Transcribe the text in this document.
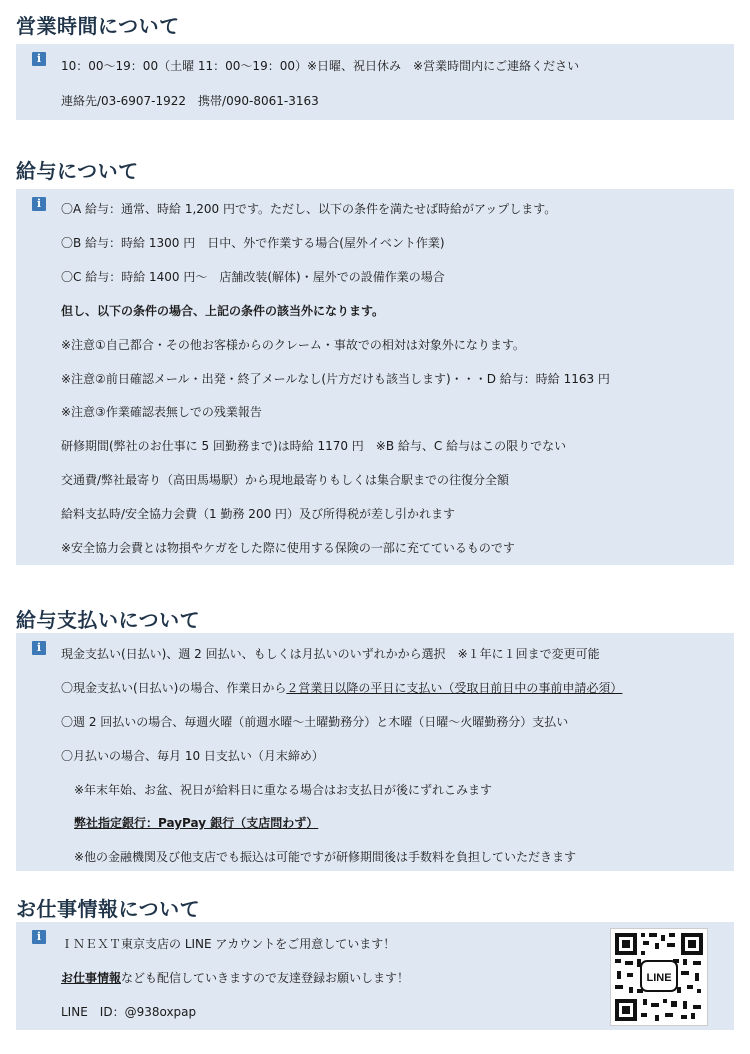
営業時間について
i
10：00～19：00（土曜 11：00～19：00）※日曜、祝日休み　※営業時間内にご連絡ください
連絡先/03-6907-1922　携帯/090-8061-3163
給与について
i	〇A 給与：通常、時給 1,200 円です。ただし、以下の条件を満たせば時給がアップします。
〇B 給与：時給 1300 円　日中、外で作業する場合(屋外イベント作業)
〇C 給与：時給 1400 円～　店舗改装(解体)・屋外での設備作業の場合
但し、以下の条件の場合、上記の条件の該当外になります。
※注意①自己都合・その他お客様からのクレーム・事故での相対は対象外になります。
※注意②前日確認メール・出発・終了メールなし(片方だけも該当します)・・・D 給与：時給 1163 円
※注意③作業確認表無しでの残業報告
研修期間(弊社のお仕事に 5 回勤務まで)は時給 1170 円　※B 給与、C 給与はこの限りでない
交通費/弊社最寄り（高田馬場駅）から現地最寄りもしくは集合駅までの往復分全額
給料支払時/安全協力会費（1 勤務 200 円）及び所得税が差し引かれます
※安全協力会費とは物損やケガをした際に使用する保険の一部に充てているものです
給与支払いについて
i	現金支払い(日払い)、週 2 回払い、もしくは月払いのいずれかから選択　※１年に１回まで変更可能
〇現金支払い(日払い)の場合、作業日から２営業日以降の平日に支払い（受取日前日中の事前申請必須）
〇週 2 回払いの場合、毎週火曜（前週水曜～土曜勤務分）と木曜（日曜～火曜勤務分）支払い
〇月払いの場合、毎月 10 日支払い（月末締め）
※年末年始、お盆、祝日が給料日に重なる場合はお支払日が後にずれこみます
弊社指定銀行：PayPay 銀行（支店問わず）
※他の金融機関及び他支店でも振込は可能ですが研修期間後は手数料を負担していただきます
お仕事情報について
i
ＩＮＥＸＴ東京支店の LINE アカウントをご用意しています！
お仕事情報なども配信していきますので友達登録お願いします！
LINE　ID：@938oxpap
LINE
